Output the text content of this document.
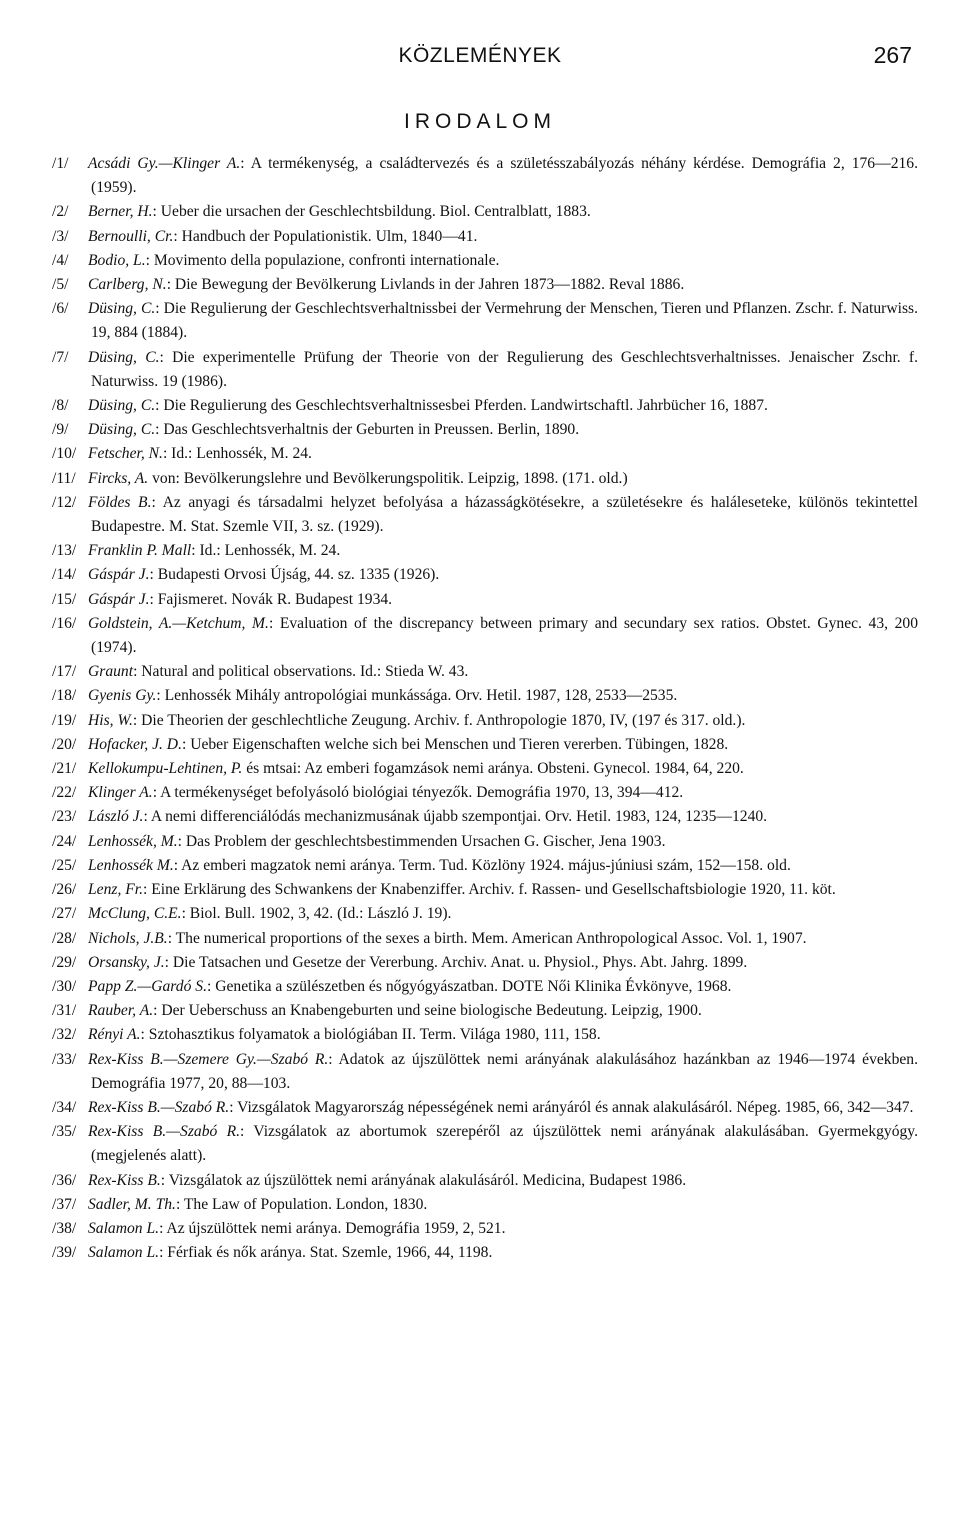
KÖZLEMÉNYEK	267
IRODALOM
/1/ Acsádi Gy.—Klinger A.: A termékenység, a családtervezés és a születésszabályozás néhány kérdése. Demográfia 2, 176—216. (1959).
/2/ Berner, H.: Ueber die ursachen der Geschlechtsbildung. Biol. Centralblatt, 1883.
/3/ Bernoulli, Cr.: Handbuch der Populationistik. Ulm, 1840—41.
/4/ Bodio, L.: Movimento della populazione, confronti internationale.
/5/ Carlberg, N.: Die Bewegung der Bevölkerung Livlands in der Jahren 1873—1882. Reval 1886.
/6/ Düsing, C.: Die Regulierung der Geschlechtsverhaltnissbei der Vermehrung der Menschen, Tieren und Pflanzen. Zschr. f. Naturwiss. 19, 884 (1884).
/7/ Düsing, C.: Die experimentelle Prüfung der Theorie von der Regulierung des Geschlechtsverhaltnisses. Jenaischer Zschr. f. Naturwiss. 19 (1986).
/8/ Düsing, C.: Die Regulierung des Geschlechtsverhaltnissesbei Pferden. Landwirtschaftl. Jahrbücher 16, 1887.
/9/ Düsing, C.: Das Geschlechtsverhaltnis der Geburten in Preussen. Berlin, 1890.
/10/ Fetscher, N.: Id.: Lenhossék, M. 24.
/11/ Fircks, A. von: Bevölkerungslehre und Bevölkerungspolitik. Leipzig, 1898. (171. old.)
/12/ Földes B.: Az anyagi és társadalmi helyzet befolyása a házasságkötésekre, a születésekre és haláleseteke, különös tekintettel Budapestre. M. Stat. Szemle VII, 3. sz. (1929).
/13/ Franklin P. Mall: Id.: Lenhossék, M. 24.
/14/ Gáspár J.: Budapesti Orvosi Újság, 44. sz. 1335 (1926).
/15/ Gáspár J.: Fajismeret. Novák R. Budapest 1934.
/16/ Goldstein, A.—Ketchum, M.: Evaluation of the discrepancy between primary and secundary sex ratios. Obstet. Gynec. 43, 200 (1974).
/17/ Graunt: Natural and political observations. Id.: Stieda W. 43.
/18/ Gyenis Gy.: Lenhossék Mihály antropológiai munkássága. Orv. Hetil. 1987, 128, 2533—2535.
/19/ His, W.: Die Theorien der geschlechtliche Zeugung. Archiv. f. Anthropologie 1870, IV, (197 és 317. old.).
/20/ Hofacker, J. D.: Ueber Eigenschaften welche sich bei Menschen und Tieren vererben. Tübingen, 1828.
/21/ Kellokumpu-Lehtinen, P. és mtsai: Az emberi fogamzások nemi aránya. Obsteni. Gynecol. 1984, 64, 220.
/22/ Klinger A.: A termékenységet befolyásoló biológiai tényezők. Demográfia 1970, 13, 394—412.
/23/ László J.: A nemi differenciálódás mechanizmusának újabb szempontjai. Orv. Hetil. 1983, 124, 1235—1240.
/24/ Lenhossék, M.: Das Problem der geschlechtsbestimmenden Ursachen G. Gischer, Jena 1903.
/25/ Lenhossék M.: Az emberi magzatok nemi aránya. Term. Tud. Közlöny 1924. május-júniusi szám, 152—158. old.
/26/ Lenz, Fr.: Eine Erklärung des Schwankens der Knabenziffer. Archiv. f. Rassen- und Gesellschaftsbiologie 1920, 11. köt.
/27/ McClung, C.E.: Biol. Bull. 1902, 3, 42. (Id.: László J. 19).
/28/ Nichols, J.B.: The numerical proportions of the sexes a birth. Mem. American Anthropological Assoc. Vol. 1, 1907.
/29/ Orsansky, J.: Die Tatsachen und Gesetze der Vererbung. Archiv. Anat. u. Physiol., Phys. Abt. Jahrg. 1899.
/30/ Papp Z.—Gardó S.: Genetika a szülészetben és nőgyógyászatban. DOTE Női Klinika Évkönyve, 1968.
/31/ Rauber, A.: Der Ueberschuss an Knabengeburten und seine biologische Bedeutung. Leipzig, 1900.
/32/ Rényi A.: Sztohasztikus folyamatok a biológiában II. Term. Világa 1980, 111, 158.
/33/ Rex-Kiss B.—Szemere Gy.—Szabó R.: Adatok az újszülöttek nemi arányának alakulásához hazánkban az 1946—1974 években. Demográfia 1977, 20, 88—103.
/34/ Rex-Kiss B.—Szabó R.: Vizsgálatok Magyarország népességének nemi arányáról és annak alakulásáról. Népeg. 1985, 66, 342—347.
/35/ Rex-Kiss B.—Szabó R.: Vizsgálatok az abortumok szerepéről az újszülöttek nemi arányának alakulásában. Gyermekgyógy. (megjelenés alatt).
/36/ Rex-Kiss B.: Vizsgálatok az újszülöttek nemi arányának alakulásáról. Medicina, Budapest 1986.
/37/ Sadler, M. Th.: The Law of Population. London, 1830.
/38/ Salamon L.: Az újszülöttek nemi aránya. Demográfia 1959, 2, 521.
/39/ Salamon L.: Férfiak és nők aránya. Stat. Szemle, 1966, 44, 1198.
